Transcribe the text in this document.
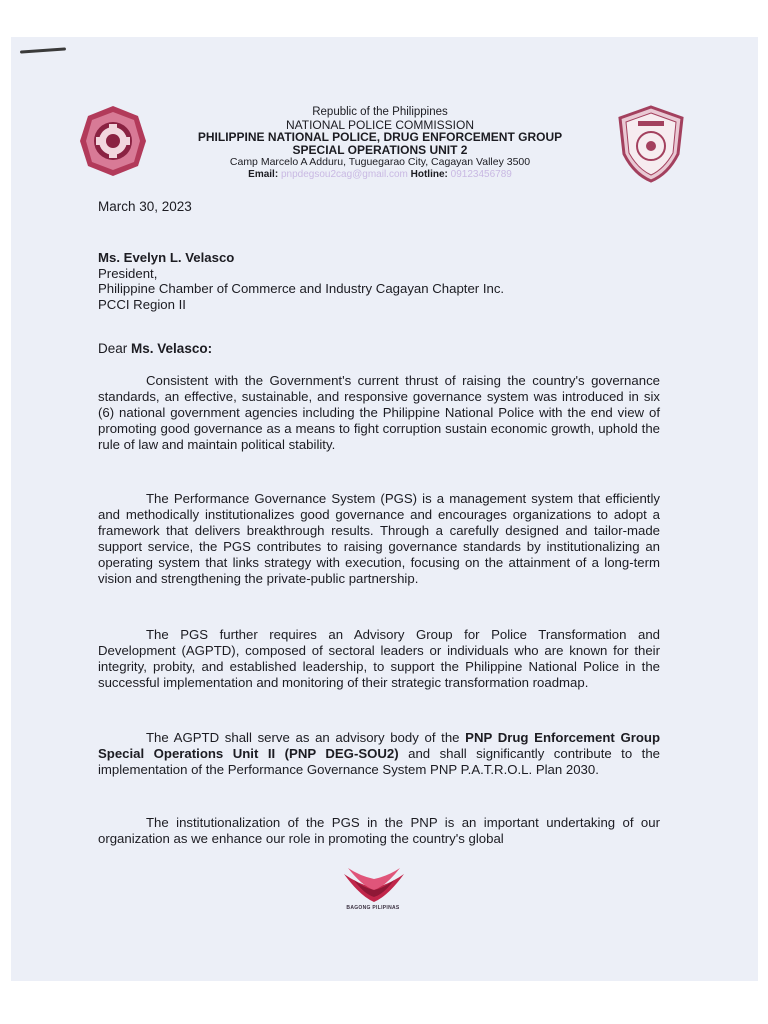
Republic of the Philippines
NATIONAL POLICE COMMISSION
PHILIPPINE NATIONAL POLICE, DRUG ENFORCEMENT GROUP
SPECIAL OPERATIONS UNIT 2
Camp Marcelo A Adduru, Tuguegarao City, Cagayan Valley 3500
Email: pnpdegsou2cag@gmail.com Hotline: 09123456789
March 30, 2023
Ms. Evelyn L. Velasco
President,
Philippine Chamber of Commerce and Industry Cagayan Chapter Inc.
PCCI Region II
Dear Ms. Velasco:

Consistent with the Government's current thrust of raising the country's governance standards, an effective, sustainable, and responsive governance system was introduced in six (6) national government agencies including the Philippine National Police with the end view of promoting good governance as a means to fight corruption sustain economic growth, uphold the rule of law and maintain political stability.

The Performance Governance System (PGS) is a management system that efficiently and methodically institutionalizes good governance and encourages organizations to adopt a framework that delivers breakthrough results. Through a carefully designed and tailor-made support service, the PGS contributes to raising governance standards by institutionalizing an operating system that links strategy with execution, focusing on the attainment of a long-term vision and strengthening the private-public partnership.

The PGS further requires an Advisory Group for Police Transformation and Development (AGPTD), composed of sectoral leaders or individuals who are known for their integrity, probity, and established leadership, to support the Philippine National Police in the successful implementation and monitoring of their strategic transformation roadmap.

The AGPTD shall serve as an advisory body of the PNP Drug Enforcement Group Special Operations Unit II (PNP DEG-SOU2) and shall significantly contribute to the implementation of the Performance Governance System PNP P.A.T.R.O.L. Plan 2030.

The institutionalization of the PGS in the PNP is an important undertaking of our organization as we enhance our role in promoting the country's global

BAGONG PILIPINAS
